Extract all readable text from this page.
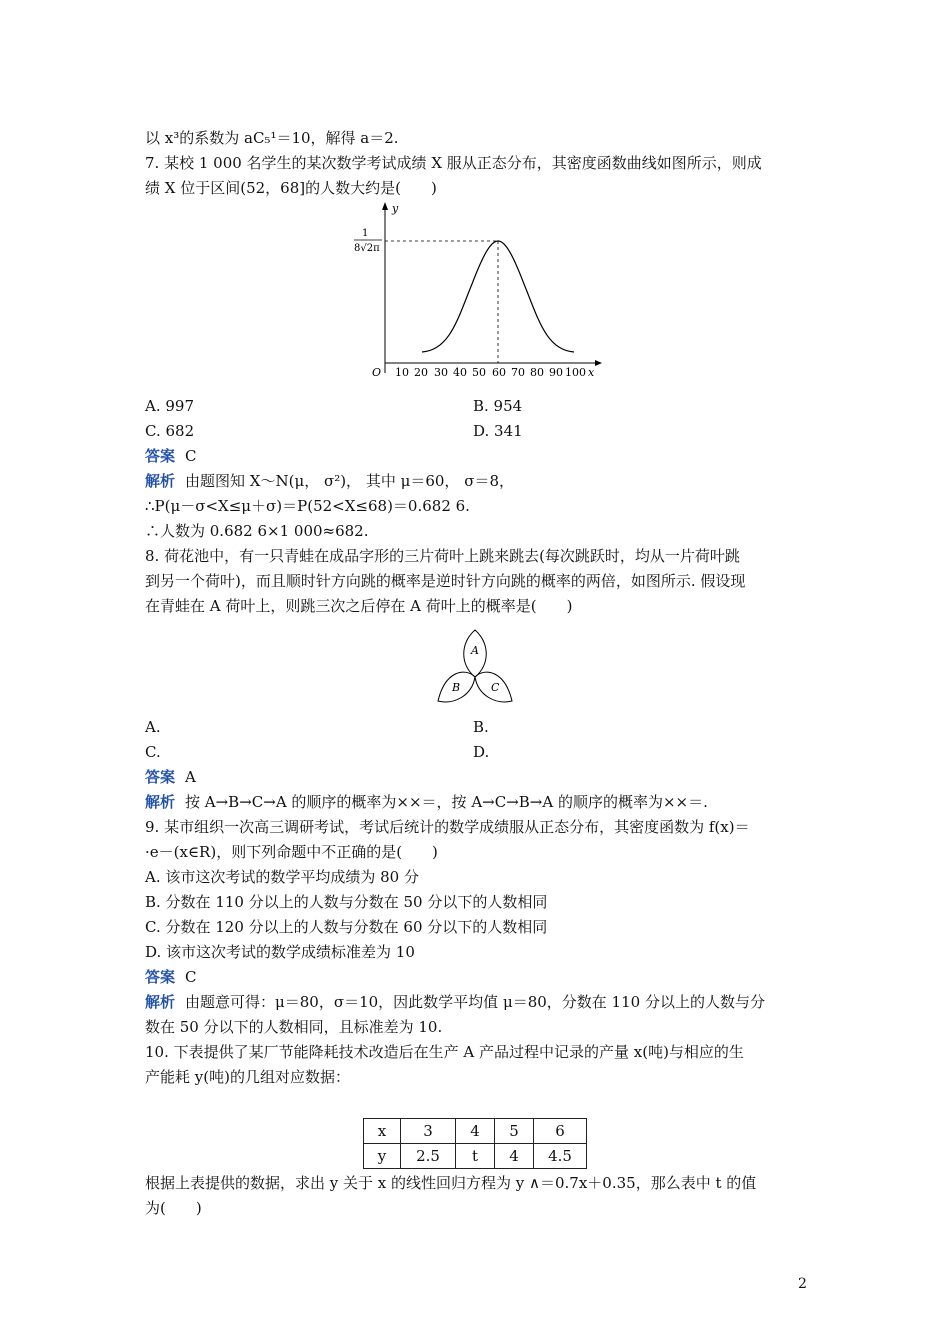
以 x³的系数为 aC₅¹＝10，解得 a＝2.
7. 某校 1 000 名学生的某次数学考试成绩 X 服从正态分布，其密度函数曲线如图所示，则成
绩 X 位于区间(52，68]的人数大约是(　　)
y
x
O
1
8√2π
10 20 30 40 50 60 70 80 90 100
A. 997	B. 954
C. 682	D. 341
答案 C
解析 由题图知 X～N(μ， σ²)， 其中 μ＝60， σ＝8，
∴P(μ－σ<X≤μ＋σ)＝P(52<X≤68)＝0.682 6.
∴人数为 0.682 6×1 000≈682.
8. 荷花池中，有一只青蛙在成品字形的三片荷叶上跳来跳去(每次跳跃时，均从一片荷叶跳
到另一个荷叶)，而且顺时针方向跳的概率是逆时针方向跳的概率的两倍，如图所示. 假设现
在青蛙在 A 荷叶上，则跳三次之后停在 A 荷叶上的概率是(　　)
A
B	C
A.	B.
C.	D.
答案 A
解析 按 A→B→C→A 的顺序的概率为××＝，按 A→C→B→A 的顺序的概率为××＝.
9. 某市组织一次高三调研考试，考试后统计的数学成绩服从正态分布，其密度函数为 f(x)＝
·e－(x∈R)，则下列命题中不正确的是(　　)
A. 该市这次考试的数学平均成绩为 80 分
B. 分数在 110 分以上的人数与分数在 50 分以下的人数相同
C. 分数在 120 分以上的人数与分数在 60 分以下的人数相同
D. 该市这次考试的数学成绩标准差为 10
答案 C
解析 由题意可得：μ＝80，σ＝10，因此数学平均值 μ＝80，分数在 110 分以上的人数与分
数在 50 分以下的人数相同，且标准差为 10.
10. 下表提供了某厂节能降耗技术改造后在生产 A 产品过程中记录的产量 x(吨)与相应的生
产能耗 y(吨)的几组对应数据：
x	3	4	5	6
y	2.5	t	4	4.5
根据上表提供的数据，求出 y 关于 x 的线性回归方程为 y ∧＝0.7x＋0.35，那么表中 t 的值
为(　　)
2
